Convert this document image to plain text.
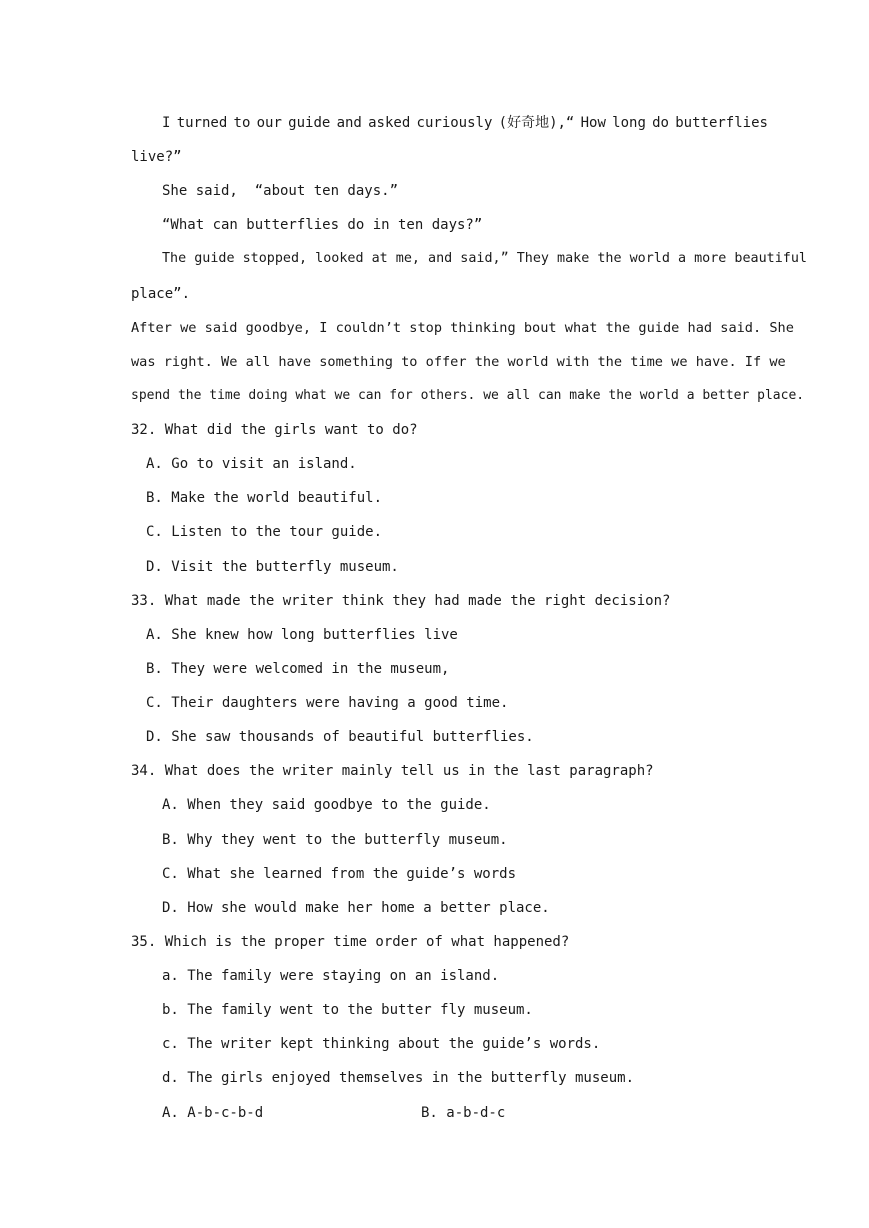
I turned to our guide and asked curiously (好奇地),“ How long do butterflies
live?”
She said,  “about ten days.”
“What can butterflies do in ten days?”
The guide stopped, looked at me, and said,ˮ They make the world a more beautiful
place”.
After we said goodbye, I couldn’t stop thinking bout what the guide had said. She
was right. We all have something to offer the world with the time we have. If we
spend the time doing what we can for others. we all can make the world a better place.
32. What did the girls want to do?
A. Go to visit an island.
B. Make the world beautiful.
C. Listen to the tour guide.
D. Visit the butterfly museum.
33. What made the writer think they had made the right decision?
A. She knew how long butterflies live
B. They were welcomed in the museum,
C. Their daughters were having a good time.
D. She saw thousands of beautiful butterflies.
34. What does the writer mainly tell us in the last paragraph?
A. When they said goodbye to the guide.
B. Why they went to the butterfly museum.
C. What she learned from the guide’s words
D. How she would make her home a better place.
35. Which is the proper time order of what happened?
a. The family were staying on an island.
b. The family went to the butter fly museum.
c. The writer kept thinking about the guide’s words.
d. The girls enjoyed themselves in the butterfly museum.
A. A-b-c-b-d	B. a-b-d-c
